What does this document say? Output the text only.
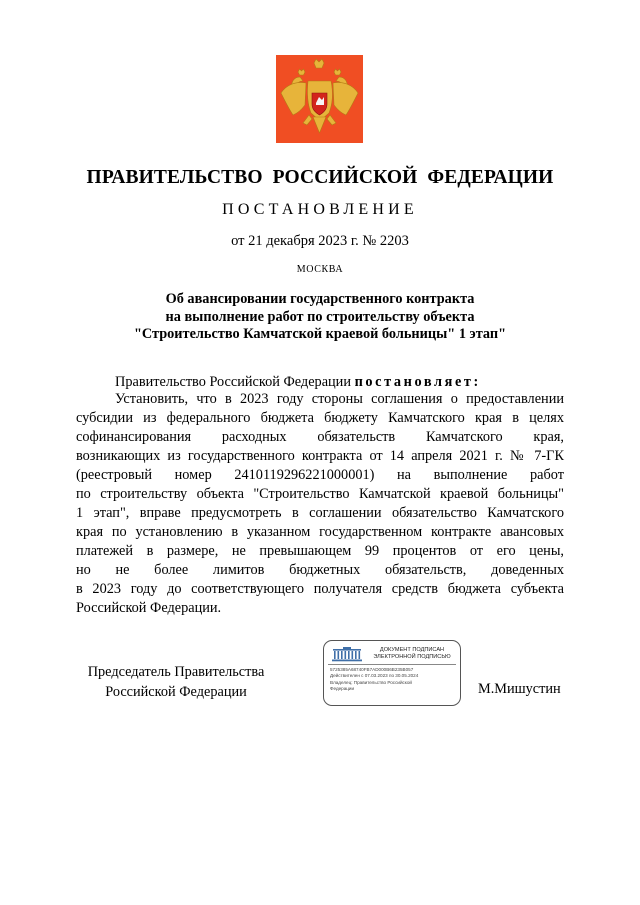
ПРАВИТЕЛЬСТВО РОССИЙСКОЙ ФЕДЕРАЦИИ
ПОСТАНОВЛЕНИЕ
от 21 декабря 2023 г. № 2203
МОСКВА
Об авансировании государственного контракта
на выполнение работ по строительству объекта
"Строительство Камчатской краевой больницы" 1 этап"
Правительство Российской Федерации постановляет:
Установить, что в 2023 году стороны соглашения о предоставлении
субсидии из федерального бюджета бюджету Камчатского края в целях
софинансирования расходных обязательств Камчатского края,
возникающих из государственного контракта от 14 апреля 2021 г. № 7-ГК
(реестровый номер 2410119296221000001) на выполнение работ
по строительству объекта "Строительство Камчатской краевой больницы"
1 этап", вправе предусмотреть в соглашении обязательство Камчатского
края по установлению в указанном государственном контракте авансовых
платежей в размере, не превышающем 99 процентов от его цены,
но не более лимитов бюджетных обязательств, доведенных
в 2023 году до соответствующего получателя средств бюджета субъекта
Российской Федерации.
Председатель Правительства
Российской Федерации
ДОКУМЕНТ ПОДПИСАН
ЭЛЕКТРОННОЙ ПОДПИСЬЮ
5725385A68740FB7AD000B6B235B057
Действителен с 07.03.2023 по 30.05.2024
Владелец: Правительство Российской
Федерации	М.Мишустин
